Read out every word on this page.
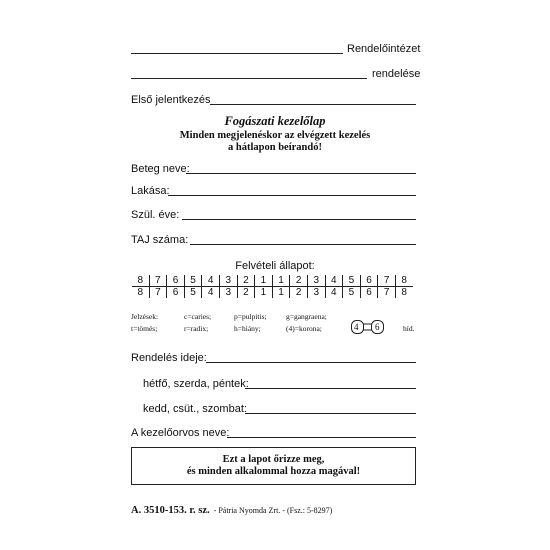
Rendelőintézet
rendelése
Első jelentkezés
Fogászati kezelőlap
Minden megjelenéskor az elvégzett kezelés
a hátlapon beírandó!
Beteg neve:
Lakása:
Szül. éve:
TAJ száma:
Felvételi állapot:
8	7	6	5	4	3	2	1	1	2	3	4	5	6	7	8
8	7	6	5	4	3	2	1	1	2	3	4	5	6	7	8
Jelzések:	c=caries;	p=pulpitis;	g=gangraena;
t=tömés;	r=radix;	h=hiány;	(4)=korona;	4 6	híd.
Rendelés ideje:
hétfő, szerda, péntek:
kedd, csüt., szombat:
A kezelőorvos neve:
Ezt a lapot őrizze meg,
és minden alkalommal hozza magával!
A. 3510-153. r. sz. - Pátria Nyomda Zrt. - (Fsz.: 5-8297)
